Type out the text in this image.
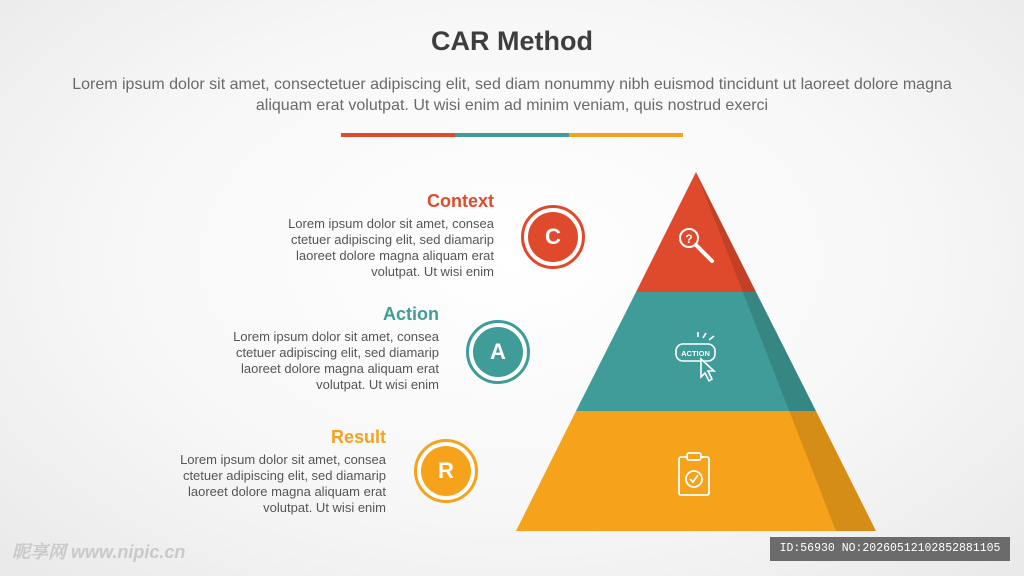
CAR Method
Lorem ipsum dolor sit amet, consectetuer adipiscing elit, sed diam nonummy nibh euismod tincidunt ut laoreet dolore magna aliquam erat volutpat. Ut wisi enim ad minim veniam, quis nostrud exerci
Context
Lorem ipsum dolor sit amet, consea ctetuer adipiscing elit, sed diamarip laoreet dolore magna aliquam erat volutpat. Ut wisi enim
C
Action
Lorem ipsum dolor sit amet, consea ctetuer adipiscing elit, sed diamarip laoreet dolore magna aliquam erat volutpat. Ut wisi enim
A
Result
Lorem ipsum dolor sit amet, consea ctetuer adipiscing elit, sed diamarip laoreet dolore magna aliquam erat volutpat. Ut wisi enim
R
?
ACTION
昵享网 www.nipic.cn	ID:56930 NO:20260512102852881105
